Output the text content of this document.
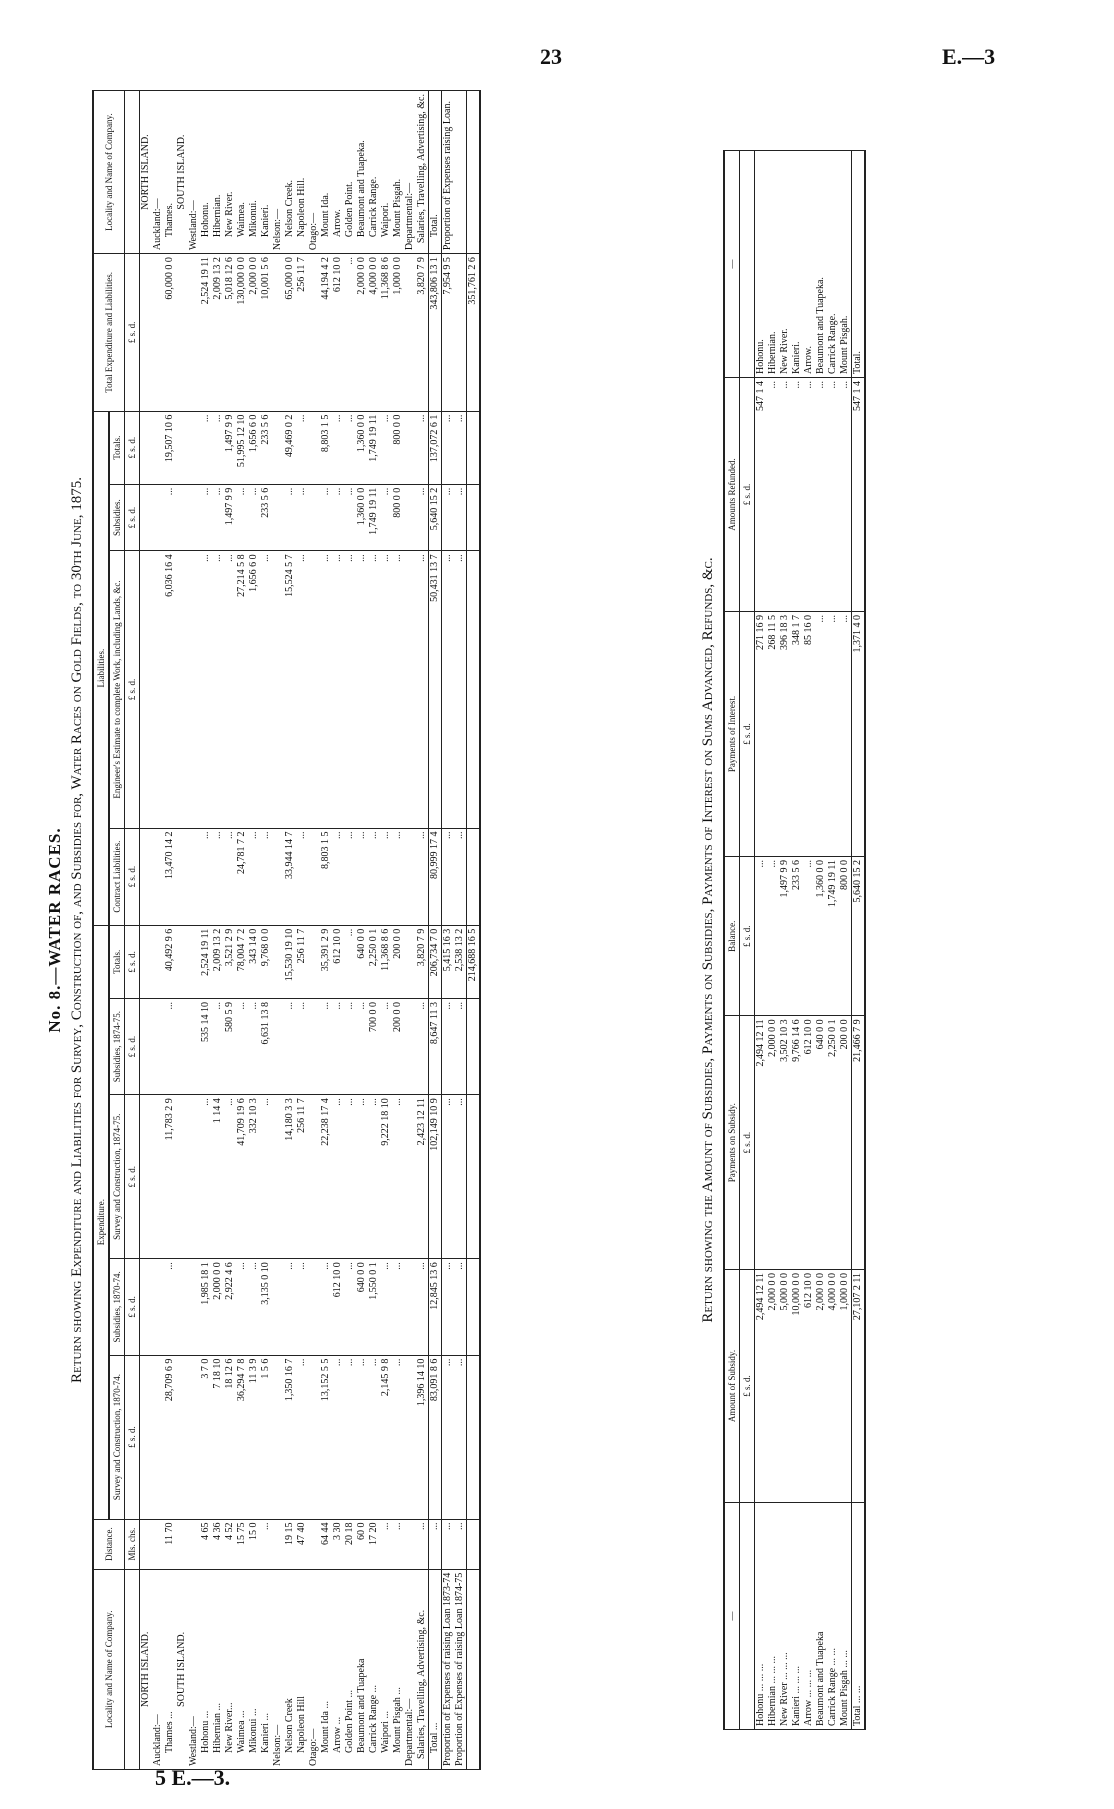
23	E.—3
5 E.—3.
No. 8.—WATER RACES. Return showing Expenditure and Liabilities for Survey, Construction of, and Subsidies for, Water Races on Gold Fields, to 30th June, 1875.
Locality and Name of Company.	Distance.	Expenditure.					Liabilities.				Total Expenditure and Liabilities.	Locality and Name of Company.
		Survey and Construction, 1870-74.	Subsidies, 1870-74.	Survey and Construction, 1874-75.	Subsidies, 1874-75.	Totals.	Contract Liabilities.	Engineer's Estimate to complete Work, including Lands, &c.	Subsidies.	Totals.		
	Mls. chs.	£ s. d.	£ s. d.	£ s. d.	£ s. d.	£ s. d.	£ s. d.	£ s. d.	£ s. d.	£ s. d.	£ s. d.	
NORTH ISLAND.												NORTH ISLAND.
Auckland:—												Auckland:—
Thames ...	11 70	28,709 6 9	...	11,783 2 9	...	40,492 9 6	13,470 14 2	6,036 16 4	...	19,507 10 6	60,000 0 0	Thames.
SOUTH ISLAND.												SOUTH ISLAND.
Westland:—												Westland:—
Hohonu ...	4 65	3 7 0	1,985 18 1	...	535 14 10	2,524 19 11	...	...	...	...	2,524 19 11	Hohonu.
Hibernian ...	4 36	7 18 10	2,000 0 0	1 14 4	...	2,009 13 2	...	...	...	...	2,009 13 2	Hibernian.
New River...	4 52	18 12 6	2,922 4 6	...	580 5 9	3,521 2 9	...	...	1,497 9 9	1,497 9 9	5,018 12 6	New River.
Waimea ...	15 75	36,294 7 8	...	41,709 19 6	...	78,004 7 2	24,781 7 2	27,214 5 8	...	51,995 12 10	130,000 0 0	Waimea.
Mikonui ...	15 0	11 3 9	...	332 10 3	...	343 14 0	...	1,656 6 0	...	1,656 6 0	2,000 0 0	Mikonui.
Kanieri ...	...	1 5 6	3,135 0 10	...	6,631 13 8	9,768 0 0	...	...	233 5 6	233 5 6	10,001 5 6	Kanieri.
Nelson:—												Nelson:—
Nelson Creek	19 15	1,350 16 7	...	14,180 3 3	...	15,530 19 10	33,944 14 7	15,524 5 7	...	49,469 0 2	65,000 0 0	Nelson Creek.
Napoleon Hill	47 40	...	...	256 11 7	...	256 11 7	...	...	...	...	256 11 7	Napoleon Hill.
Otago:—												Otago:—
Mount Ida ...	64 44	13,152 5 5	...	22,238 17 4	...	35,391 2 9	8,803 1 5	...	...	8,803 1 5	44,194 4 2	Mount Ida.
Arrow ...	3 30	...	612 10 0	...	...	612 10 0	...	...	...	...	612 10 0	Arrow.
Golden Point ...	20 18	...	...	...	...	...	...	...	...	...	...	Golden Point.
Beaumont and Tuapeka	60 0	...	640 0 0	...	...	640 0 0	...	...	1,360 0 0	1,360 0 0	2,000 0 0	Beaumont and Tuapeka.
Carrick Range ...	17 20	...	1,550 0 1	...	700 0 0	2,250 0 1	...	...	1,749 19 11	1,749 19 11	4,000 0 0	Carrick Range.
Waipori ...	...	2,145 9 8	...	9,222 18 10	...	11,368 8 6	...	...	...	...	11,368 8 6	Waipori.
Mount Pisgah ...	...	...	...	...	200 0 0	200 0 0	...	...	800 0 0	800 0 0	1,000 0 0	Mount Pisgah.
Departmental:—												Departmental:—
Salaries, Travelling, Advertising, &c.	...	1,396 14 10	...	2,423 12 11	...	3,820 7 9	...	...	...	...	3,820 7 9	Salaries, Travelling, Advertising, &c.
Total ...	...	83,091 8 6	12,845 13 6	102,149 10 9	8,647 11 3	206,734 7 0	80,999 17 4	50,431 13 7	5,640 15 2	137,072 6 1	343,806 13 1	Total.
Proportion of Expenses of raising Loan 1873-74	...	...	...	...	...	5,415 16 3	...	...	...	...	7,954 9 5	Proportion of Expenses raising Loan.
Proportion of Expenses of raising Loan 1874-75	...	...	...	...	...	2,538 13 2	...	...	...	...		
						214,688 16 5					351,761 2 6	
Return showing the Amount of Subsidies, Payments on Subsidies, Payments of Interest on Sums Advanced, Refunds, &c.
—	Amount of Subsidy.	Payments on Subsidy.	Balance.	Payments of Interest.	Amounts Refunded.	—
	£ s. d.	£ s. d.	£ s. d.	£ s. d.	£ s. d.	
Hohonu ... ... ...	2,494 12 11	2,494 12 11	...	271 16 9	547 1 4	Hohonu.
Hibernian ... ... ...	2,000 0 0	2,000 0 0	...	268 11 5	...	Hibernian.
New River ... ... ...	5,000 0 0	3,502 10 3	1,497 9 9	396 18 3	...	New River.
Kanieri ... ... ...	10,000 0 0	9,766 14 6	233 5 6	348 1 7	...	Kanieri.
Arrow ... ... ...	612 10 0	612 10 0	...	85 16 0	...	Arrow.
Beaumont and Tuapeka	2,000 0 0	640 0 0	1,360 0 0	...	...	Beaumont and Tuapeka.
Carrick Range ... ...	4,000 0 0	2,250 0 1	1,749 19 11	...	...	Carrick Range.
Mount Pisgah ... ...	1,000 0 0	200 0 0	800 0 0	...	...	Mount Pisgah.
Total ... ...	27,107 2 11	21,466 7 9	5,640 15 2	1,371 4 0	547 1 4	Total.
